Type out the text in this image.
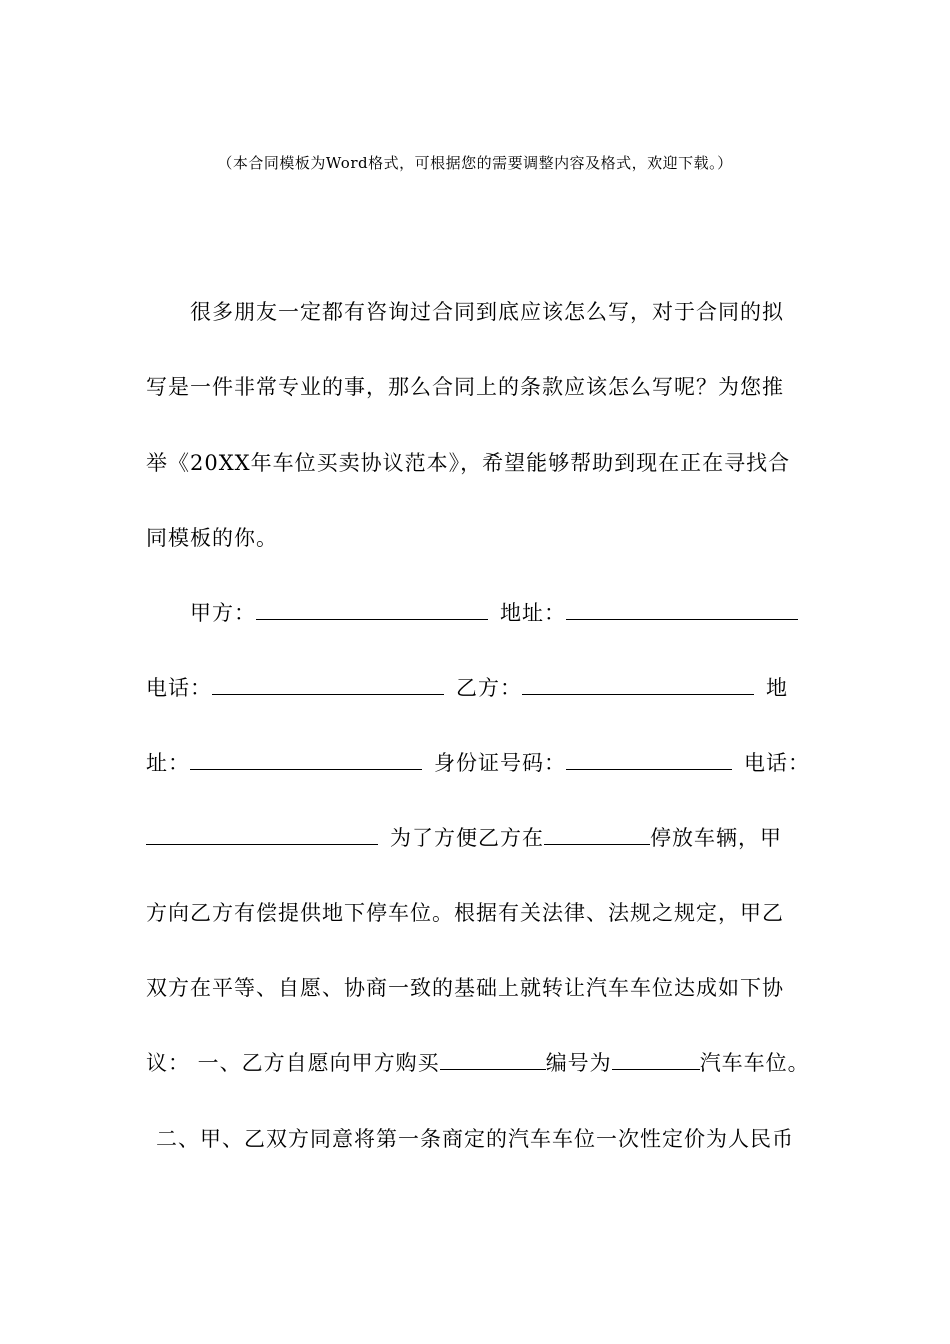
（本合同模板为Word格式，可根据您的需要调整内容及格式，欢迎下载。）
很多朋友一定都有咨询过合同到底应该怎么写，对于合同的拟
写是一件非常专业的事，那么合同上的条款应该怎么写呢？为您推
举《20XX年车位买卖协议范本》，希望能够帮助到现在正在寻找合
同模板的你。
甲方：	地址：
电话：	乙方：	地
址：	身份证号码：	电话：
为了方便乙方在	停放车辆，甲
方向乙方有偿提供地下停车位。根据有关法律、法规之规定，甲乙
双方在平等、自愿、协商一致的基础上就转让汽车车位达成如下协
议： 一、乙方自愿向甲方购买	编号为	汽车车位。
二、甲、乙双方同意将第一条商定的汽车车位一次性定价为人民币
